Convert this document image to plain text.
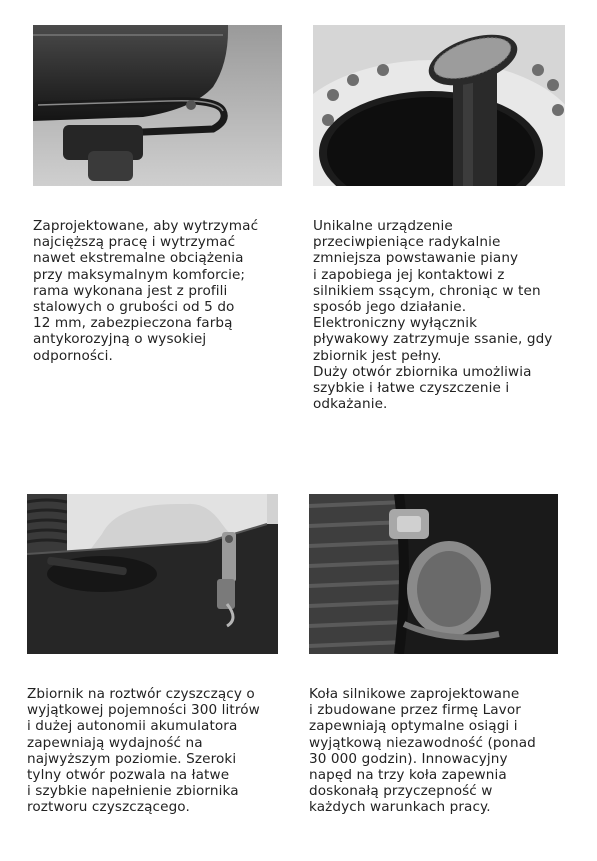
Zaprojektowane, aby wytrzymać
najcięższą pracę i wytrzymać
nawet ekstremalne obciążenia
przy maksymalnym komforcie;
rama wykonana jest z profili
stalowych o grubości od 5 do
12 mm, zabezpieczona farbą
antykorozyjną o wysokiej
odporności.
Unikalne urządzenie
przeciwpieniące radykalnie
zmniejsza powstawanie piany
i zapobiega jej kontaktowi z
silnikiem ssącym, chroniąc w ten
sposób jego działanie.
Elektroniczny wyłącznik
pływakowy zatrzymuje ssanie, gdy
zbiornik jest pełny.
Duży otwór zbiornika umożliwia
szybkie i łatwe czyszczenie i
odkażanie.
Zbiornik na roztwór czyszczący o
wyjątkowej pojemności 300 litrów
i dużej autonomii akumulatora
zapewniają wydajność na
najwyższym poziomie. Szeroki
tylny otwór pozwala na łatwe
i szybkie napełnienie zbiornika
roztworu czyszczącego.
Koła silnikowe zaprojektowane
i zbudowane przez firmę Lavor
zapewniają optymalne osiągi i
wyjątkową niezawodność (ponad
30 000 godzin). Innowacyjny
napęd na trzy koła zapewnia
doskonałą przyczepność w
każdych warunkach pracy.
